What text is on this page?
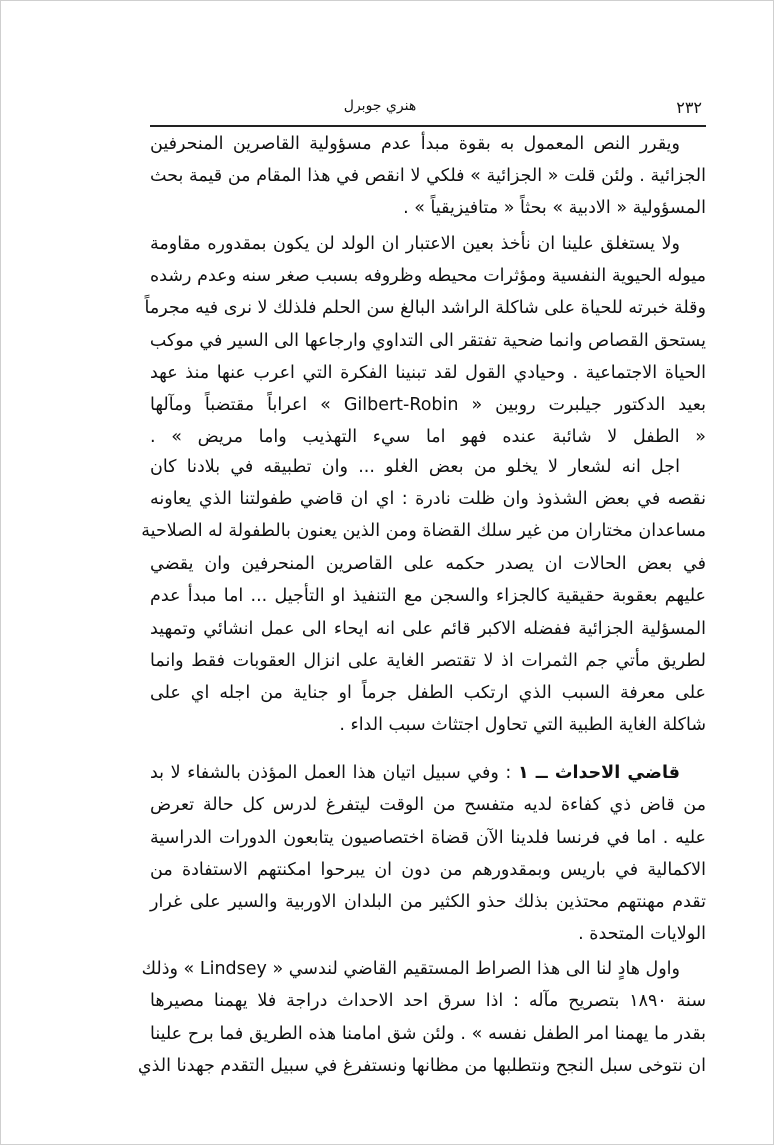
٢٣٢
هنري جوبرل
ويقرر النص المعمول به بقوة مبدأ عدم مسؤولية القاصرين المنحرفين
الجزائية . ولئن قلت « الجزائية » فلكي لا انقص في هذا المقام من قيمة بحث
المسؤولية « الادبية » بحثاً « متافيزيقياً » .
ولا يستغلق علينا ان نأخذ بعين الاعتبار ان الولد لن يكون بمقدوره مقاومة
ميوله الحيوية النفسية ومؤثرات محيطه وظروفه بسبب صغر سنه وعدم رشده
وقلة خبرته للحياة على شاكلة الراشد البالغ سن الحلم فلذلك لا نرى فيه مجرماً
يستحق القصاص وانما ضحية تفتقر الى التداوي وارجاعها الى السير في موكب
الحياة الاجتماعية . وحيادي القول لقد تبنينا الفكرة التي اعرب عنها منذ عهد
بعيد الدكتور جيلبرت روبين « Gilbert-Robin » اعراباً مقتضباً ومآلها
« الطفل لا شائبة عنده فهو اما سيء التهذيب واما مريض » .
اجل انه لشعار لا يخلو من بعض الغلو ... وان تطبيقه في بلادنا كان
نقصه في بعض الشذوذ وان ظلت نادرة : اي ان قاضي طفولتنا الذي يعاونه
مساعدان مختاران من غير سلك القضاة ومن الذين يعنون بالطفولة له الصلاحية
في بعض الحالات ان يصدر حكمه على القاصرين المنحرفين وان يقضي
عليهم بعقوبة حقيقية كالجزاء والسجن مع التنفيذ او التأجيل ... اما مبدأ عدم
المسؤلية الجزائية ففضله الاكبر قائم على انه ايحاء الى عمل انشائي وتمهيد
لطريق مأتي جم الثمرات اذ لا تقتصر الغاية على انزال العقوبات فقط وانما
على معرفة السبب الذي ارتكب الطفل جرماً او جناية من اجله اي على
شاكلة الغاية الطبية التي تحاول اجتثاث سبب الداء .
قاضي الاحداث ــ ١ : وفي سبيل اتيان هذا العمل المؤذن بالشفاء لا بد
من قاض ذي كفاءة لديه متفسح من الوقت ليتفرغ لدرس كل حالة تعرض
عليه . اما في فرنسا فلدينا الآن قضاة اختصاصيون يتابعون الدورات الدراسية
الاكمالية في باريس وبمقدورهم من دون ان يبرحوا امكنتهم الاستفادة من
تقدم مهنتهم محتذين بذلك حذو الكثير من البلدان الاوربية والسير على غرار
الولايات المتحدة .
واول هادٍ لنا الى هذا الصراط المستقيم القاضي لندسي « Lindsey » وذلك
سنة ١٨٩٠ بتصريح مآله : اذا سرق احد الاحداث دراجة فلا يهمنا مصيرها
بقدر ما يهمنا امر الطفل نفسه » . ولئن شق امامنا هذه الطريق فما برح علينا
ان نتوخى سبل النجح ونتطلبها من مظانها ونستفرغ في سبيل التقدم جهدنا الذي
